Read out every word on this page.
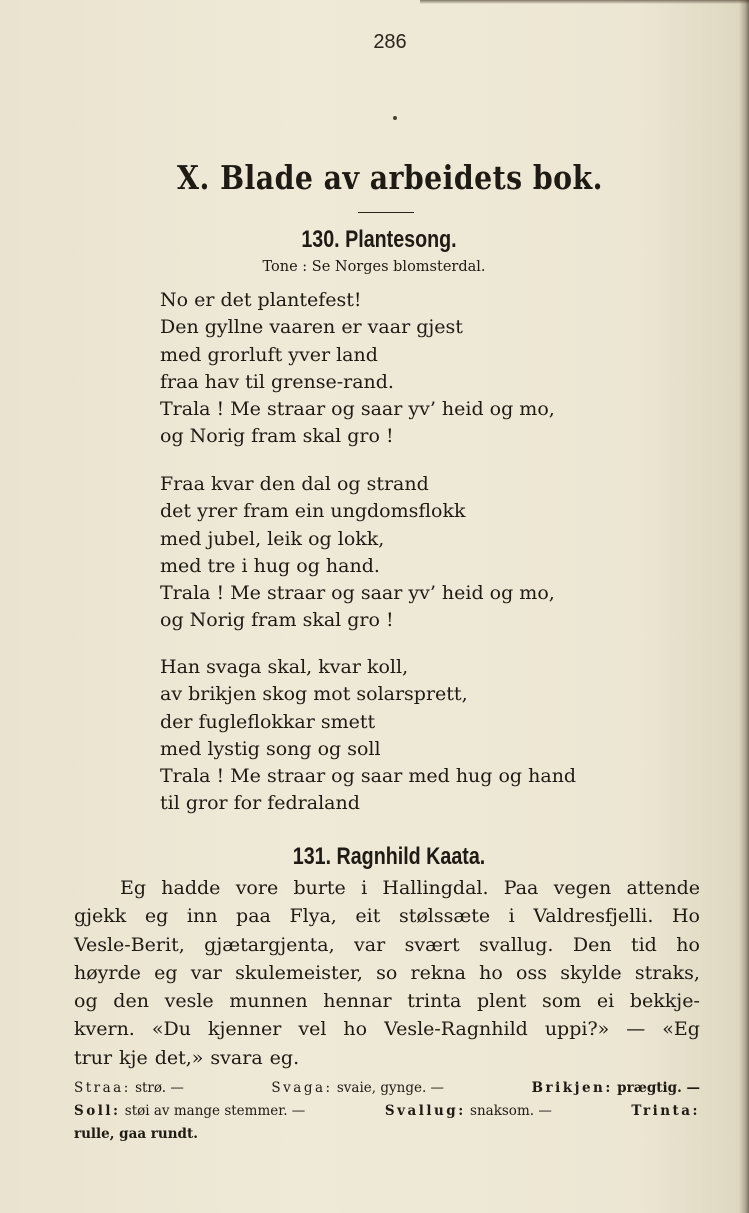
286
X. Blade av arbeidets bok.
130. Plantesong.
Tone : Se Norges blomsterdal.
No er det plantefest!
Den gyllne vaaren er vaar gjest
med grorluft yver land
fraa hav til grense-rand.
Trala ! Me straar og saar yv’ heid og mo,
og Norig fram skal gro !
Fraa kvar den dal og strand
det yrer fram ein ungdomsflokk
med jubel, leik og lokk,
med tre i hug og hand.
Trala ! Me straar og saar yv’ heid og mo,
og Norig fram skal gro !
Han svaga skal, kvar koll,
av brikjen skog mot solarsprett,
der fugleflokkar smett
med lystig song og soll
Trala ! Me straar og saar med hug og hand
til gror for fedraland
131. Ragnhild Kaata.
Eg hadde vore burte i Hallingdal. Paa vegen attende
gjekk eg inn paa Flya, eit stølssæte i Valdresfjelli. Ho
Vesle-Berit, gjætargjenta, var svært svallug. Den tid ho
høyrde eg var skulemeister, so rekna ho oss skylde straks,
og den vesle munnen hennar trinta plent som ei bekkje-
kvern. «Du kjenner vel ho Vesle-Ragnhild uppi?» — «Eg
trur kje det,» svara eg.
Straa: strø. —	Svaga: svaie, gynge. —	Brikjen: prægtig. —
Soll: støi av mange stemmer. —	Svallug: snaksom. —	Trinta:
rulle, gaa rundt.
